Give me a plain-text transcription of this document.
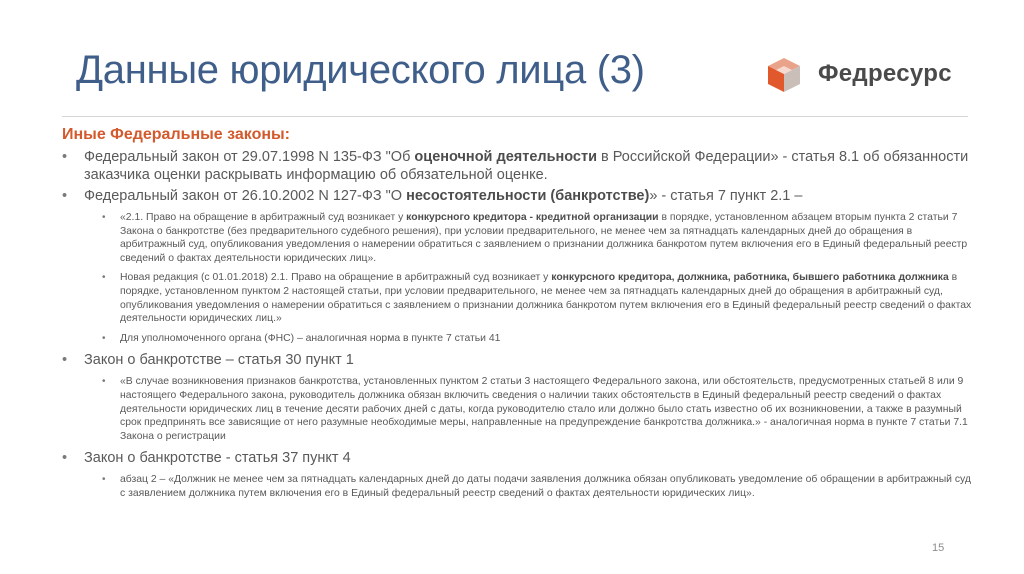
Данные юридического лица (3)	Федресурс
Иные Федеральные законы:
• Федеральный закон от 29.07.1998 N 135-ФЗ "Об оценочной деятельности в Российской Федерации» - статья 8.1 об обязанности заказчика оценки раскрывать информацию об обязательной оценке.
• Федеральный закон от 26.10.2002 N 127-ФЗ "О несостоятельности (банкротстве)» - статья 7 пункт 2.1 –
• «2.1. Право на обращение в арбитражный суд возникает у конкурсного кредитора - кредитной организации в порядке, установленном абзацем вторым пункта 2 статьи 7 Закона о банкротстве (без предварительного судебного решения), при условии предварительного, не менее чем за пятнадцать календарных дней до обращения в арбитражный суд, опубликования уведомления о намерении обратиться с заявлением о признании должника банкротом путем включения его в Единый федеральный реестр сведений о фактах деятельности юридических лиц».
• Новая редакция (с 01.01.2018) 2.1. Право на обращение в арбитражный суд возникает у конкурсного кредитора, должника, работника, бывшего работника должника в порядке, установленном пунктом 2 настоящей статьи, при условии предварительного, не менее чем за пятнадцать календарных дней до обращения в арбитражный суд, опубликования уведомления о намерении обратиться с заявлением о признании должника банкротом путем включения его в Единый федеральный реестр сведений о фактах деятельности юридических лиц.»
• Для уполномоченного органа (ФНС) – аналогичная норма в пункте 7 статьи 41
• Закон о банкротстве – статья 30 пункт 1
• «В случае возникновения признаков банкротства, установленных пунктом 2 статьи 3 настоящего Федерального закона, или обстоятельств, предусмотренных статьей 8 или 9 настоящего Федерального закона, руководитель должника обязан включить сведения о наличии таких обстоятельств в Единый федеральный реестр сведений о фактах деятельности юридических лиц в течение десяти рабочих дней с даты, когда руководителю стало или должно было стать известно об их возникновении, а также в разумный срок предпринять все зависящие от него разумные необходимые меры, направленные на предупреждение банкротства должника.» - аналогичная норма в пункте 7 статьи 7.1 Закона о регистрации
• Закон о банкротстве - статья 37 пункт 4
• абзац 2 – «Должник не менее чем за пятнадцать календарных дней до даты подачи заявления должника обязан опубликовать уведомление об обращении в арбитражный суд с заявлением должника путем включения его в Единый федеральный реестр сведений о фактах деятельности юридических лиц».
15
